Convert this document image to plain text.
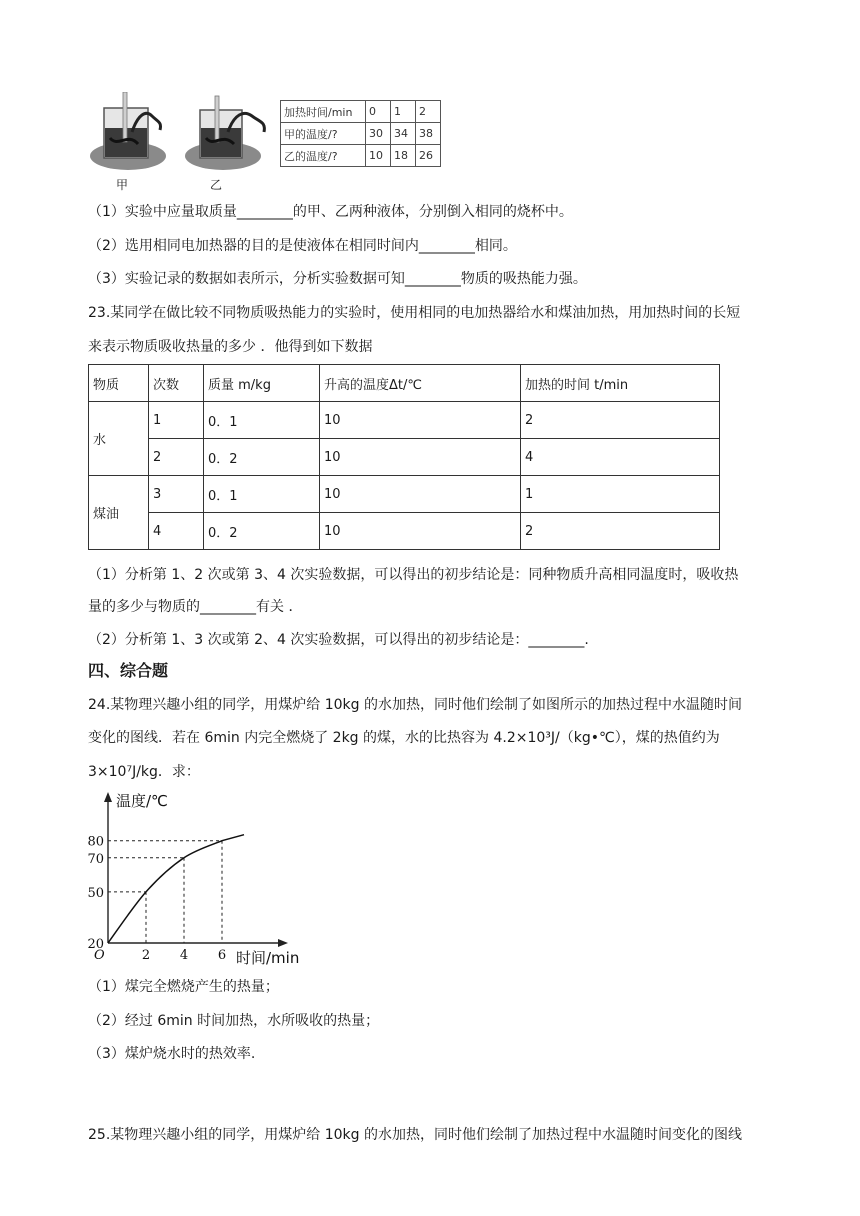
甲	乙
加热时间/min	0	1	2
甲的温度/?	30	34	38
乙的温度/?	10	18	26
（1）实验中应量取质量________的甲、乙两种液体，分别倒入相同的烧杯中。
（2）选用相同电加热器的目的是使液体在相同时间内________相同。
（3）实验记录的数据如表所示，分析实验数据可知________物质的吸热能力强。
23.某同学在做比较不同物质吸热能力的实验时，使用相同的电加热器给水和煤油加热，用加热时间的长短
来表示物质吸收热量的多少 ．他得到如下数据
物质	次数	质量 m/kg	升高的温度Δt/℃	加热的时间 t/min
水	1	0．1	10	2
	2	0．2	10	4
煤油	3	0．1	10	1
	4	0．2	10	2
（1）分析第 1、2 次或第 3、4 次实验数据，可以得出的初步结论是：同种物质升高相同温度时，吸收热
量的多少与物质的________有关 ．
（2）分析第 1、3 次或第 2、4 次实验数据，可以得出的初步结论是：________.
四、综合题
24.某物理兴趣小组的同学，用煤炉给 10kg 的水加热，同时他们绘制了如图所示的加热过程中水温随时间
变化的图线．若在 6min 内完全燃烧了 2kg 的煤，水的比热容为 4.2×10³J/（kg•℃），煤的热值约为
3×10⁷J/kg．求：
温度/℃
时间/min
O
20
50
70
80
2 4 6
（1）煤完全燃烧产生的热量；
（2）经过 6min 时间加热，水所吸收的热量；
（3）煤炉烧水时的热效率.
25.某物理兴趣小组的同学，用煤炉给 10kg 的水加热，同时他们绘制了加热过程中水温随时间变化的图线
